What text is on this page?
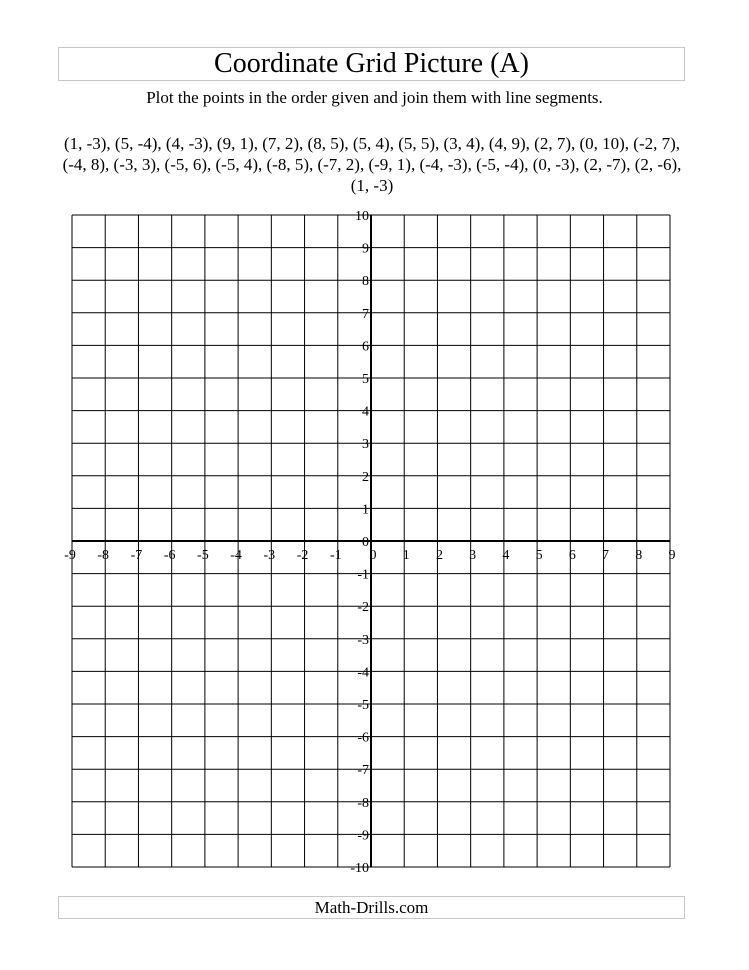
Coordinate Grid Picture (A)
Plot the points in the order given and join them with line segments.
(1, -3), (5, -4), (4, -3), (9, 1), (7, 2), (8, 5), (5, 4), (5, 5), (3, 4), (4, 9), (2, 7), (0, 10), (-2, 7), (-4, 8), (-3, 3), (-5, 6), (-5, 4), (-8, 5), (-7, 2), (-9, 1), (-4, -3), (-5, -4), (0, -3), (2, -7), (2, -6), (1, -3)
-9 -8 -7 -6 -5 -4 -3 -2 -1 0 1 2 3 4 5 6 7 8 9
10
9
8
7
6
5
4
3
2
1
0
-1
-2
-3
-4
-5
-6
-7
-8
-9
-10
Math-Drills.com
